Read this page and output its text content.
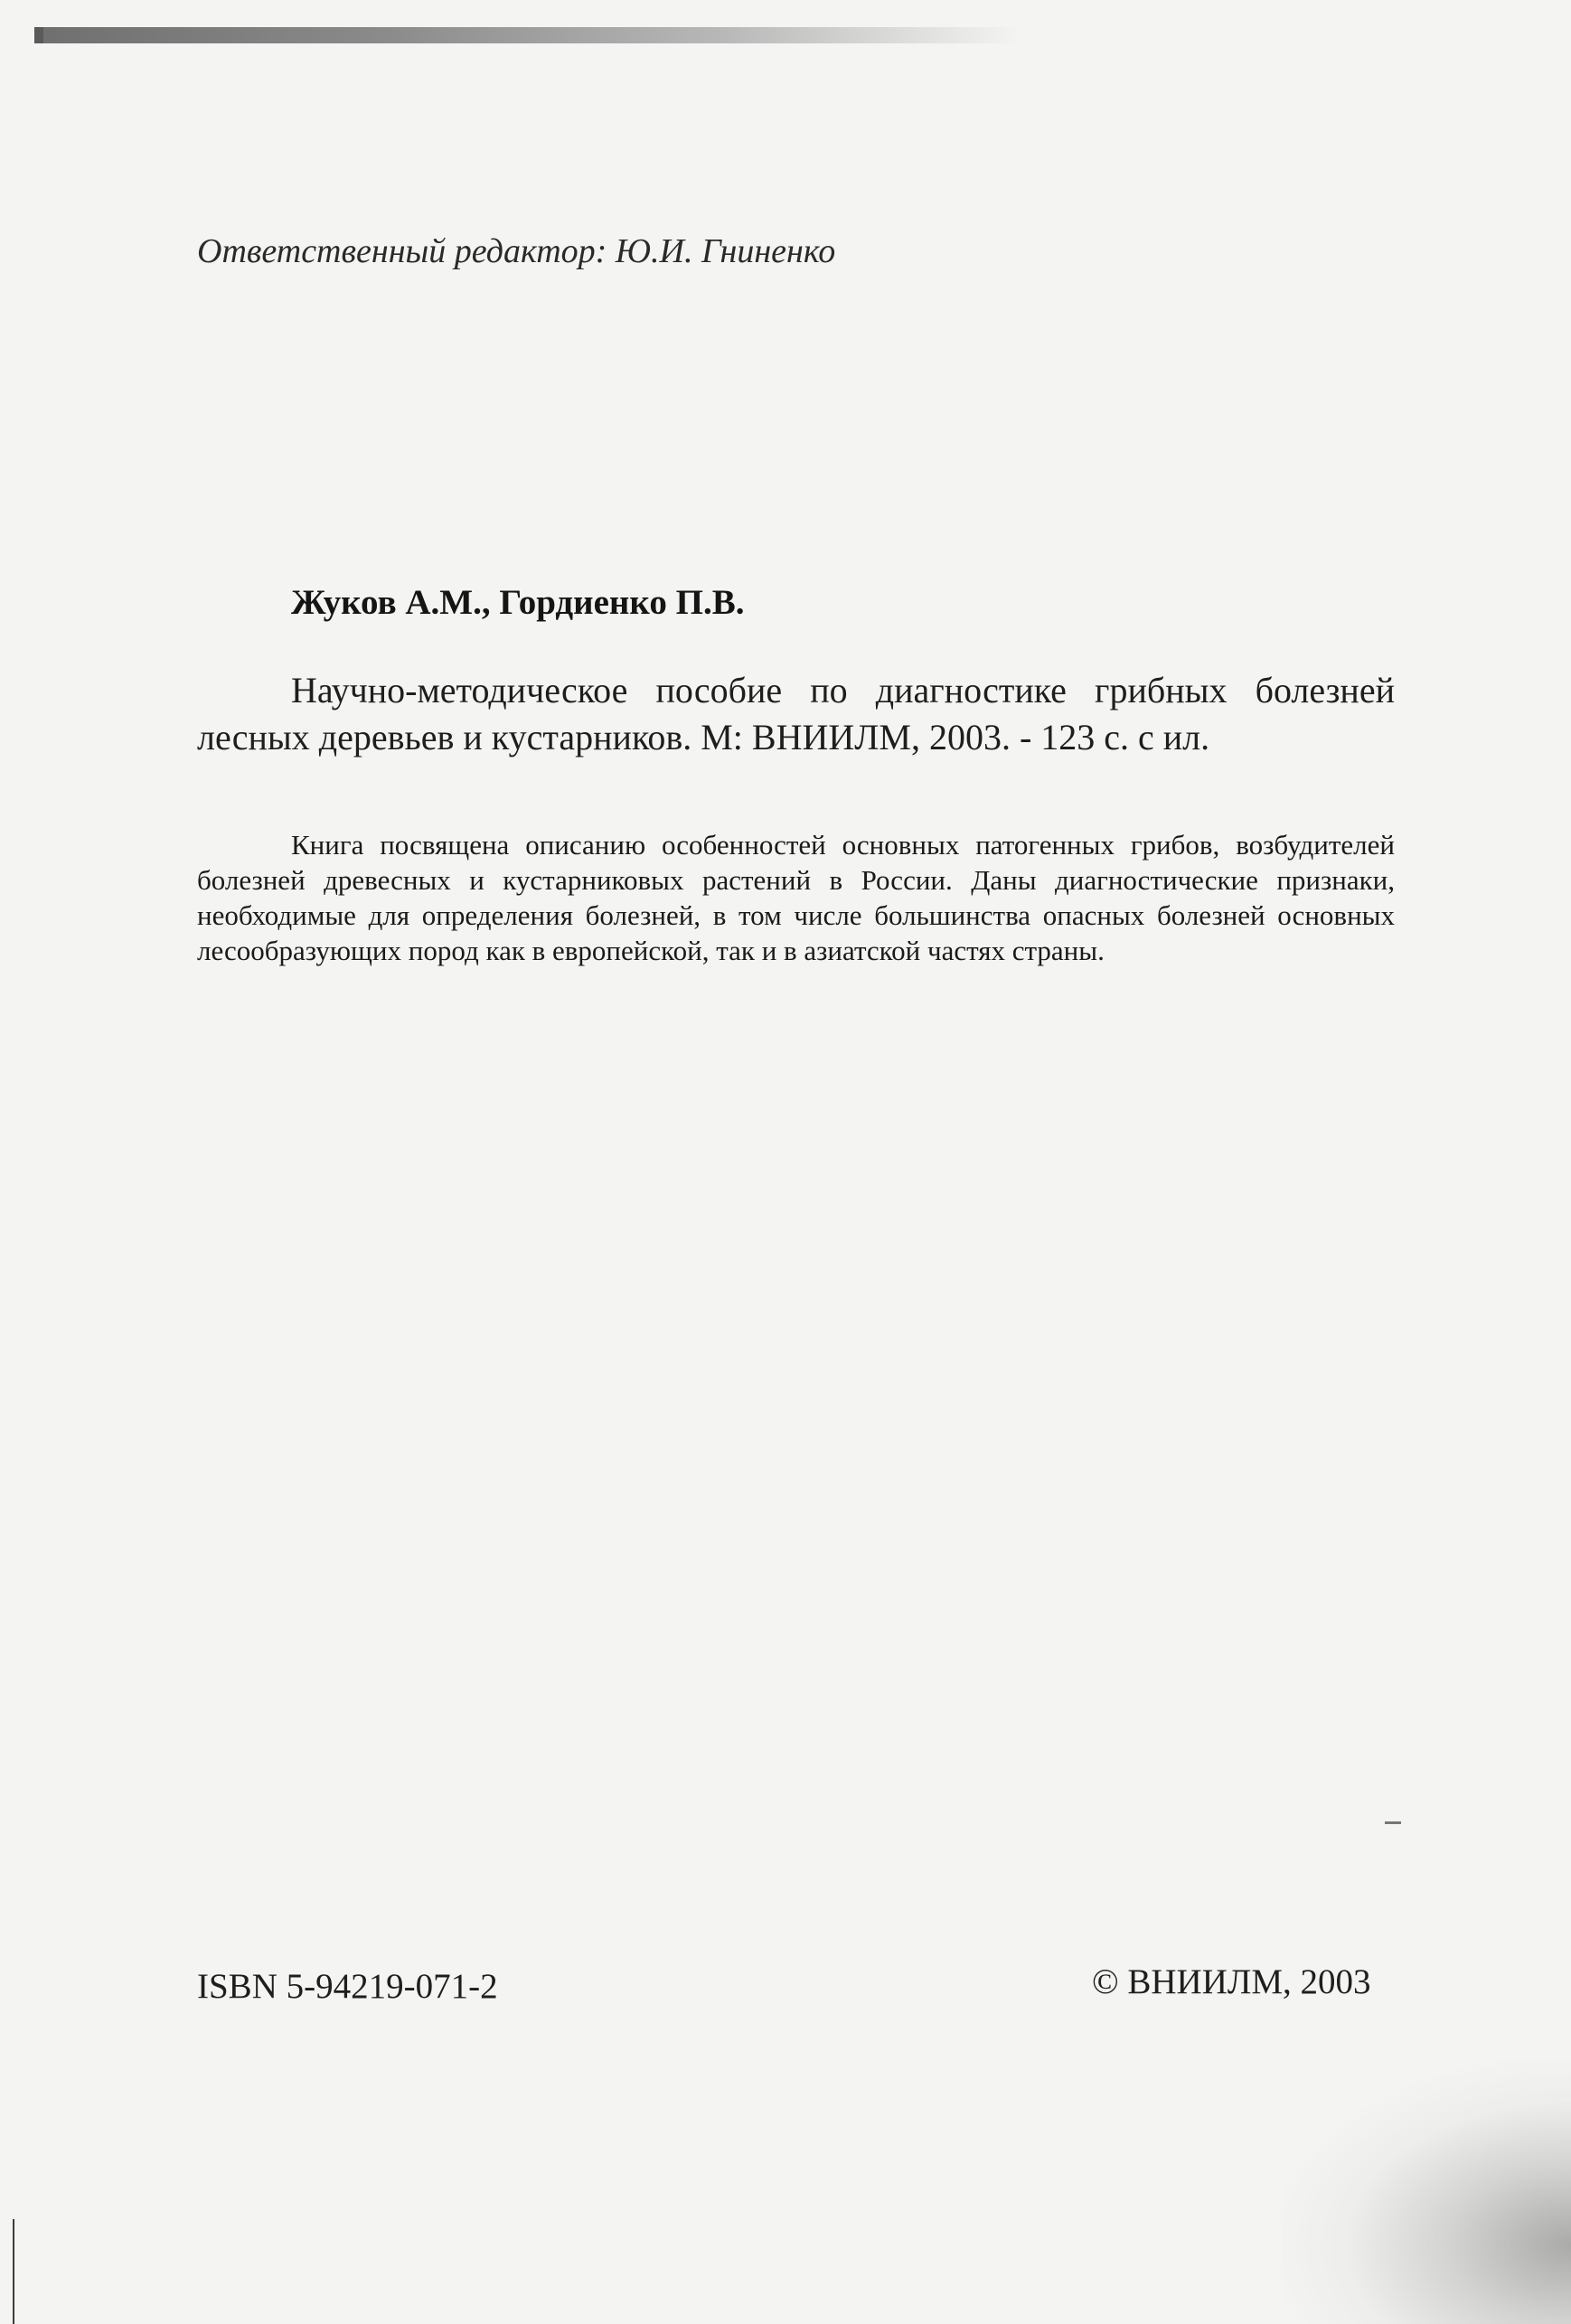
Ответственный редактор: Ю.И. Гниненко
Жуков А.М., Гордиенко П.В.
Научно-методическое пособие по диагностике грибных болезней лесных деревьев и кустарников. М: ВНИИЛМ, 2003. - 123 с. с ил.
Книга посвящена описанию особенностей основных патогенных грибов, возбудителей болезней древесных и кустарниковых растений в России. Даны диагностические признаки, необходимые для определения болезней, в том числе большинства опасных болезней основных лесообразующих пород как в европейской, так и в азиатской частях страны.
ISBN 5-94219-071-2	© ВНИИЛМ, 2003
